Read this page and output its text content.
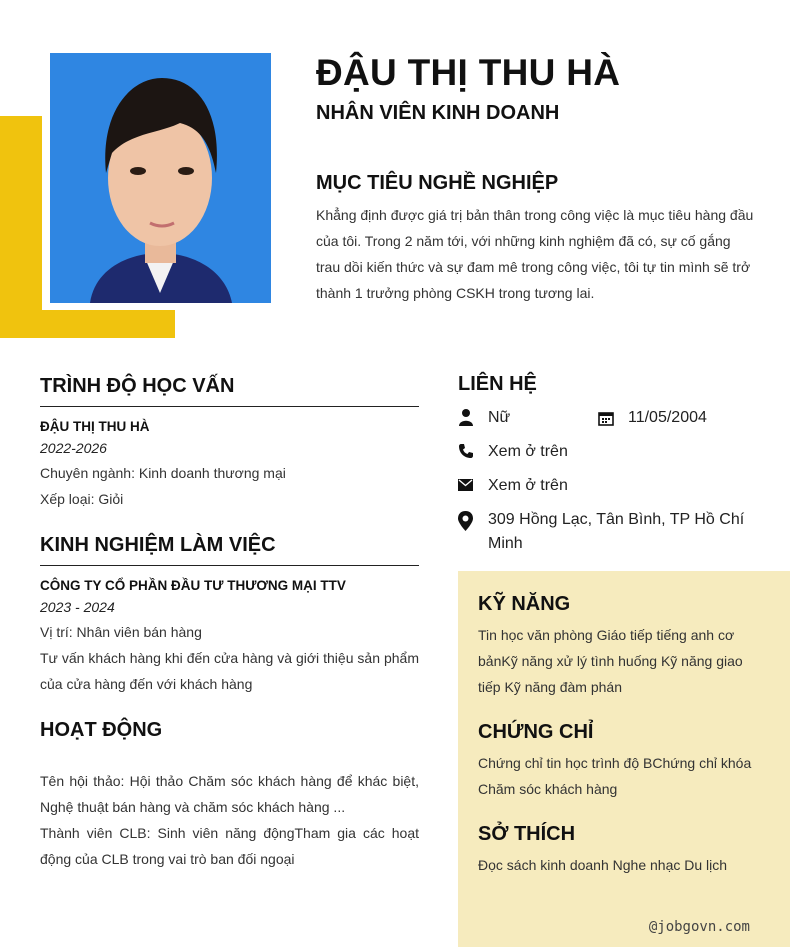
ĐẬU THỊ THU HÀ
NHÂN VIÊN KINH DOANH
MỤC TIÊU NGHỀ NGHIỆP
Khẳng định được giá trị bản thân trong công việc là mục tiêu hàng đầu của tôi. Trong 2 năm tới, với những kinh nghiệm đã có, sự cố gắng trau dồi kiến thức và sự đam mê trong công việc, tôi tự tin mình sẽ trở thành 1 trưởng phòng CSKH trong tương lai.
TRÌNH ĐỘ HỌC VẤN
ĐẬU THỊ THU HÀ
2022-2026
Chuyên ngành: Kinh doanh thương mại
Xếp loại: Giỏi
KINH NGHIỆM LÀM VIỆC
CÔNG TY CỔ PHẦN ĐẦU TƯ THƯƠNG MẠI TTV
2023 - 2024
Vị trí: Nhân viên bán hàng
Tư vấn khách hàng khi đến cửa hàng và giới thiệu sản phẩm của cửa hàng đến với khách hàng
HOẠT ĐỘNG
Tên hội thảo: Hội thảo Chăm sóc khách hàng để khác biệt, Nghệ thuật bán hàng và chăm sóc khách hàng ...
Thành viên CLB: Sinh viên năng độngTham gia các hoạt động của CLB trong vai trò ban đối ngoại
LIÊN HỆ
Nữ	11/05/2004
Xem ở trên
Xem ở trên
309 Hồng Lạc, Tân Bình, TP Hồ Chí Minh
KỸ NĂNG
Tin học văn phòng Giáo tiếp tiếng anh cơ bảnKỹ năng xử lý tình huống Kỹ năng giao tiếp Kỹ năng đàm phán
CHỨNG CHỈ
Chứng chỉ tin học trình độ BChứng chỉ khóa Chăm sóc khách hàng
SỞ THÍCH
Đọc sách kinh doanh Nghe nhạc Du lịch
@jobgovn.com
